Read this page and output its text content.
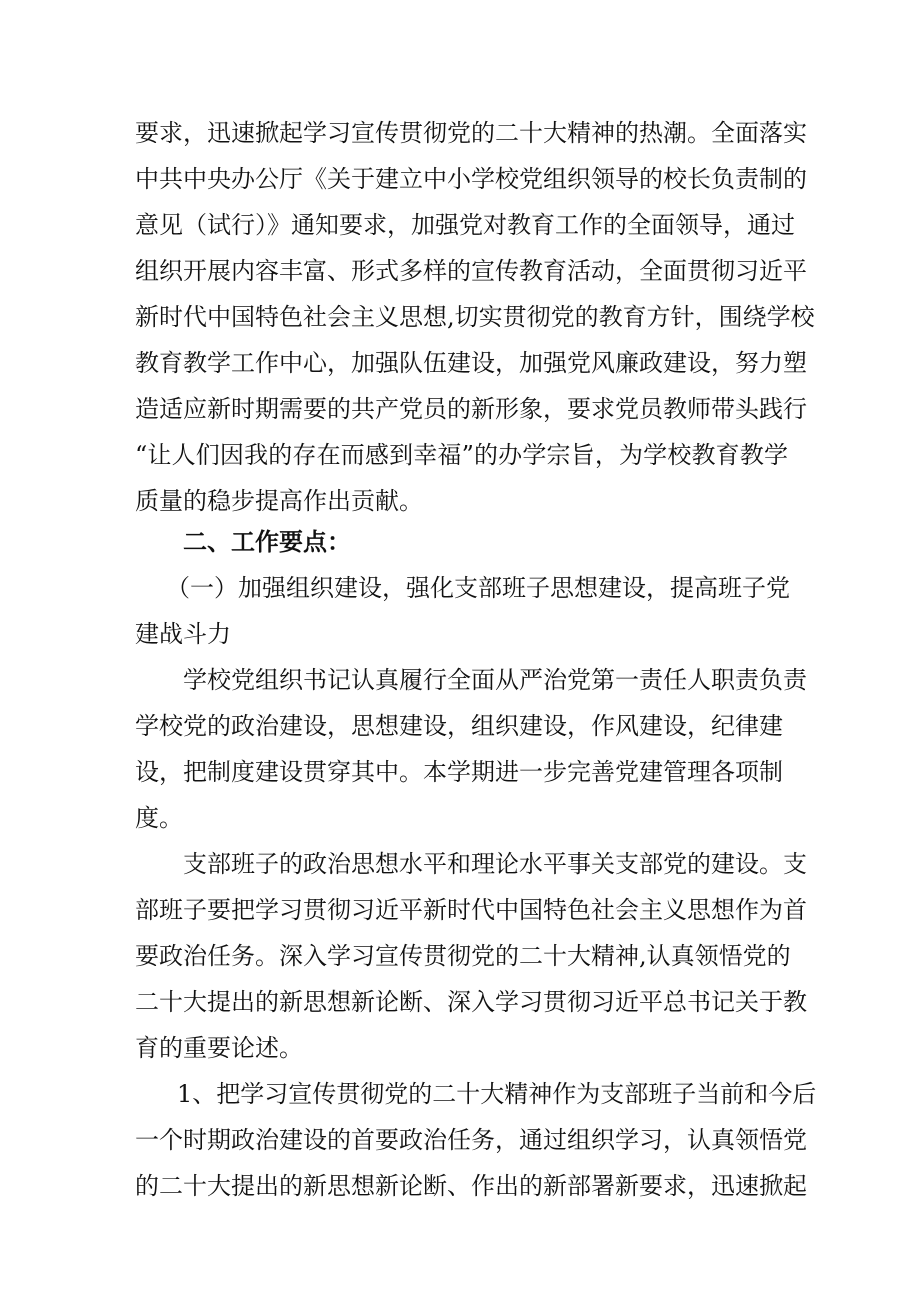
要求，迅速掀起学习宣传贯彻党的二十大精神的热潮。全面落实
中共中央办公厅《关于建立中小学校党组织领导的校长负责制的
意见（试行）》通知要求，加强党对教育工作的全面领导，通过
组织开展内容丰富、形式多样的宣传教育活动，全面贯彻习近平
新时代中国特色社会主义思想,切实贯彻党的教育方针，围绕学校
教育教学工作中心，加强队伍建设，加强党风廉政建设，努力塑
造适应新时期需要的共产党员的新形象，要求党员教师带头践行
“让人们因我的存在而感到幸福”的办学宗旨，为学校教育教学
质量的稳步提高作出贡献。
二、工作要点：
（一）加强组织建设，强化支部班子思想建设，提高班子党
建战斗力
学校党组织书记认真履行全面从严治党第一责任人职责负责
学校党的政治建设，思想建设，组织建设，作风建设，纪律建
设，把制度建设贯穿其中。本学期进一步完善党建管理各项制
度。
支部班子的政治思想水平和理论水平事关支部党的建设。支
部班子要把学习贯彻习近平新时代中国特色社会主义思想作为首
要政治任务。深入学习宣传贯彻党的二十大精神,认真领悟党的
二十大提出的新思想新论断、深入学习贯彻习近平总书记关于教
育的重要论述。
1、把学习宣传贯彻党的二十大精神作为支部班子当前和今后
一个时期政治建设的首要政治任务，通过组织学习，认真领悟党
的二十大提出的新思想新论断、作出的新部署新要求，迅速掀起
